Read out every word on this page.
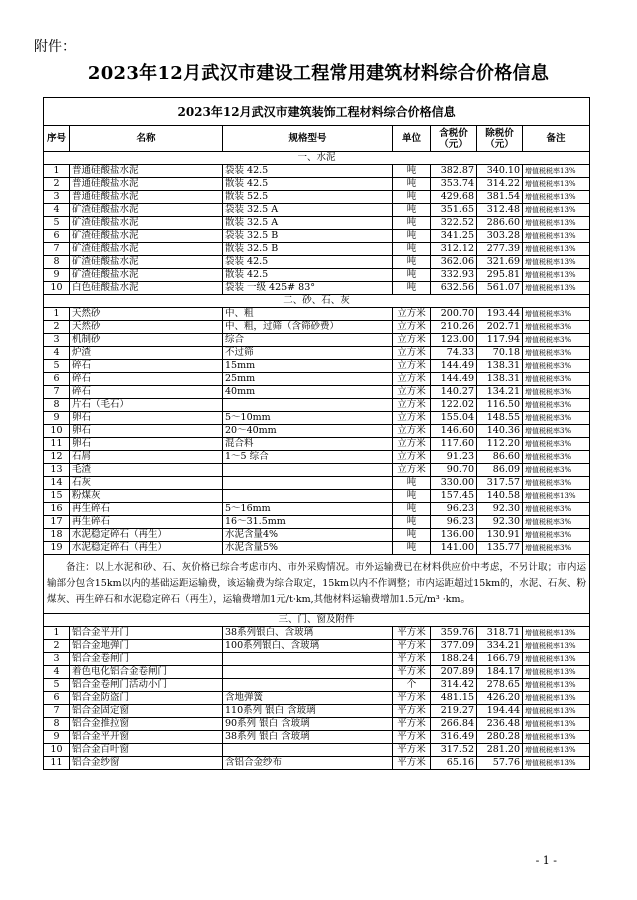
附件：
2023年12月武汉市建设工程常用建筑材料综合价格信息
2023年12月武汉市建筑装饰工程材料综合价格信息						
序号	名称	规格型号	单位	含税价（元）	除税价（元）	备注
一、水泥						
1	普通硅酸盐水泥	袋装 42.5	吨	382.87	340.10	增值税税率13%
2	普通硅酸盐水泥	散装 42.5	吨	353.74	314.22	增值税税率13%
3	普通硅酸盐水泥	散装 52.5	吨	429.68	381.54	增值税税率13%
4	矿渣硅酸盐水泥	袋装 32.5 A	吨	351.65	312.48	增值税税率13%
5	矿渣硅酸盐水泥	散装 32.5 A	吨	322.52	286.60	增值税税率13%
6	矿渣硅酸盐水泥	袋装 32.5 B	吨	341.25	303.28	增值税税率13%
7	矿渣硅酸盐水泥	散装 32.5 B	吨	312.12	277.39	增值税税率13%
8	矿渣硅酸盐水泥	袋装 42.5	吨	362.06	321.69	增值税税率13%
9	矿渣硅酸盐水泥	散装 42.5	吨	332.93	295.81	增值税税率13%
10	白色硅酸盐水泥	袋装 一级 425# 83°	吨	632.56	561.07	增值税税率13%
二、砂、石、灰						
1	天然砂	中、粗	立方米	200.70	193.44	增值税税率3%
2	天然砂	中、粗，过筛（含筛砂费）	立方米	210.26	202.71	增值税税率3%
3	机制砂	综合	立方米	123.00	117.94	增值税税率3%
4	炉渣	不过筛	立方米	74.33	70.18	增值税税率3%
5	碎石	15mm	立方米	144.49	138.31	增值税税率3%
6	碎石	25mm	立方米	144.49	138.31	增值税税率3%
7	碎石	40mm	立方米	140.27	134.21	增值税税率3%
8	片石（毛石）		立方米	122.02	116.50	增值税税率3%
9	卵石	5～10mm	立方米	155.04	148.55	增值税税率3%
10	卵石	20～40mm	立方米	146.60	140.36	增值税税率3%
11	卵石	混合料	立方米	117.60	112.20	增值税税率3%
12	石屑	1～5 综合	立方米	91.23	86.60	增值税税率3%
13	毛渣		立方米	90.70	86.09	增值税税率3%
14	石灰		吨	330.00	317.57	增值税税率3%
15	粉煤灰		吨	157.45	140.58	增值税税率13%
16	再生碎石	5～16mm	吨	96.23	92.30	增值税税率3%
17	再生碎石	16～31.5mm	吨	96.23	92.30	增值税税率3%
18	水泥稳定碎石（再生）	水泥含量4%	吨	136.00	130.91	增值税税率3%
19	水泥稳定碎石（再生）	水泥含量5%	吨	141.00	135.77	增值税税率3%
备注：以上水泥和砂、石、灰价格已综合考虑市内、市外采购情况。市外运输费已在材料供应价中考虑，不另计取；市内运输部分包含15km以内的基础运距运输费，该运输费为综合取定，15km以内不作调整；市内运距超过15km的，水泥、石灰、粉煤灰、再生碎石和水泥稳定碎石（再生），运输费增加1元/t·km,其他材料运输费增加1.5元/m³ ·km。						
三、门、窗及附件						
1	铝合金平开门	38系列银白、含玻璃	平方米	359.76	318.71	增值税税率13%
2	铝合金地弹门	100系列银白、含玻璃	平方米	377.09	334.21	增值税税率13%
3	铝合金卷闸门		平方米	188.24	166.79	增值税税率13%
4	着色电化铝合金卷闸门		平方米	207.89	184.17	增值税税率13%
5	铝合金卷闸门活动小门		个	314.42	278.65	增值税税率13%
6	铝合金防盗门	含地弹簧	平方米	481.15	426.20	增值税税率13%
7	铝合金固定窗	110系列 银白 含玻璃	平方米	219.27	194.44	增值税税率13%
8	铝合金推拉窗	90系列 银白 含玻璃	平方米	266.84	236.48	增值税税率13%
9	铝合金平开窗	38系列 银白 含玻璃	平方米	316.49	280.28	增值税税率13%
10	铝合金百叶窗		平方米	317.52	281.20	增值税税率13%
11	铝合金纱窗	含铝合金纱布	平方米	65.16	57.76	增值税税率13%
- 1 -
